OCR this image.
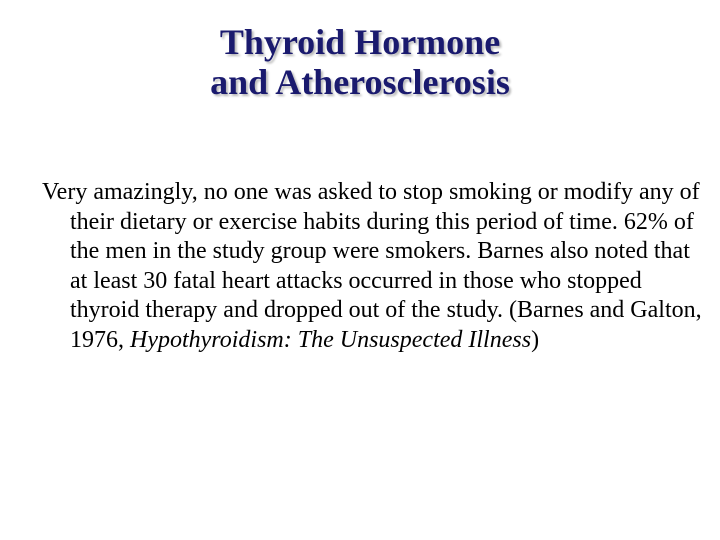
Thyroid Hormone
and Atherosclerosis

Very amazingly, no one was asked to stop smoking or modify any of their dietary or exercise habits during this period of time. 62% of the men in the study group were smokers. Barnes also noted that at least 30 fatal heart attacks occurred in those who stopped thyroid therapy and dropped out of the study. (Barnes and Galton, 1976, Hypothyroidism: The Unsuspected Illness)
